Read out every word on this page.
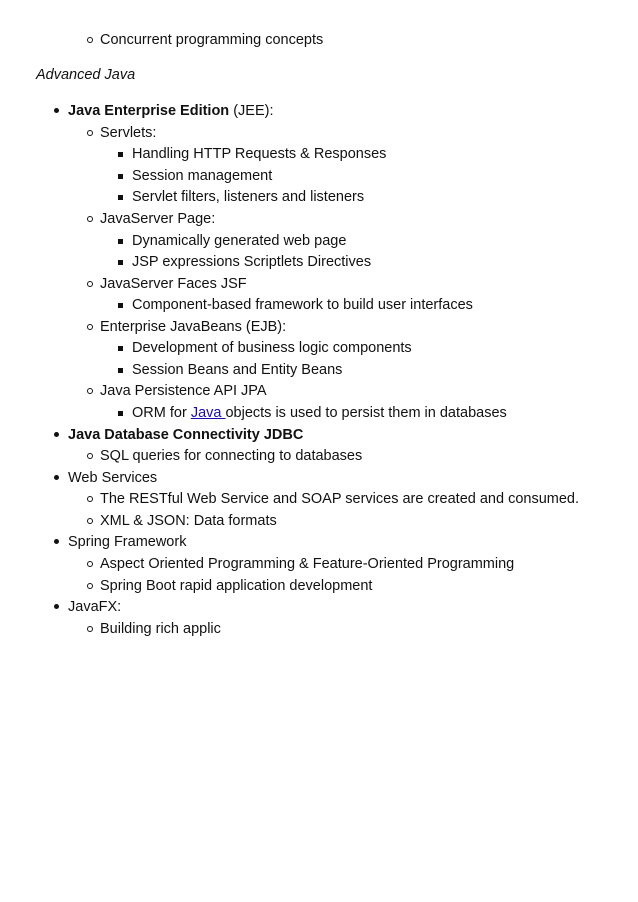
Concurrent programming concepts
Advanced Java
Java Enterprise Edition (JEE):
Servlets:
Handling HTTP Requests & Responses
Session management
Servlet filters, listeners and listeners
JavaServer Page:
Dynamically generated web page
JSP expressions Scriptlets Directives
JavaServer Faces JSF
Component-based framework to build user interfaces
Enterprise JavaBeans (EJB):
Development of business logic components
Session Beans and Entity Beans
Java Persistence API JPA
ORM for Java objects is used to persist them in databases
Java Database Connectivity JDBC
SQL queries for connecting to databases
Web Services
The RESTful Web Service and SOAP services are created and consumed.
XML & JSON: Data formats
Spring Framework
Aspect Oriented Programming & Feature-Oriented Programming
Spring Boot rapid application development
JavaFX:
Building rich applic
